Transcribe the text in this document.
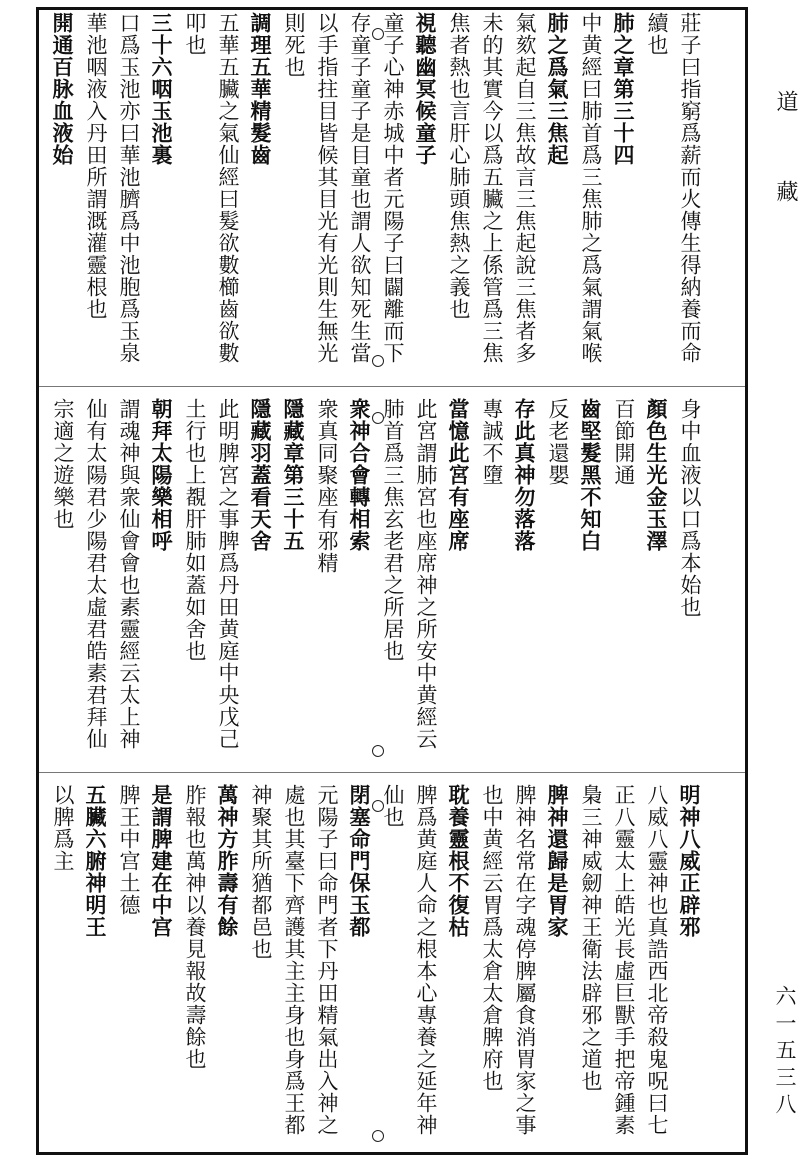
莊子曰指窮爲薪而火傳生得納養而命
續也
肺之章第三十四
中黄經曰肺首爲三焦肺之爲氣謂氣喉
肺之爲氣三焦起
氣欬起自三焦故言三焦起說三焦者多
未的其實今以爲五臟之上係管爲三焦
焦者熱也言肝心肺頭焦熱之義也
視聽幽冥候童子
童子心神赤城中者元陽子曰闢離而下
存童子童子是目童也謂人欲知死生當
以手指拄目皆候其目光有光則生無光
則死也
調理五華精髮齒
五華五臟之氣仙經曰髮欲數櫛齒欲數
叩也
三十六咽玉池裏
口爲玉池亦曰華池臍爲中池胞爲玉泉
華池咽液入丹田所謂溉灌靈根也
開通百脉血液始
身中血液以口爲本始也
顏色生光金玉澤
百節開通
齒堅髮黑不知白
反老還嬰
存此真神勿落落
專誠不墮
當憶此宮有座席
此宮謂肺宮也座席神之所安中黄經云
肺首爲三焦玄老君之所居也
衆神合會轉相索
衆真同聚座有邪精
隱藏章第三十五
隱藏羽蓋看天舍
此明脾宮之事脾爲丹田黄庭中央戊己
土行也上覩肝肺如蓋如舍也
朝拜太陽樂相呼
謂魂神與衆仙會會也素靈經云太上神
仙有太陽君少陽君太虛君皓素君拜仙
宗適之遊樂也
明神八威正辟邪
八威八靈神也真誥西北帝殺鬼呪曰七
正八靈太上皓光長虛巨獸手把帝鍾素
梟三神威劒神王衛法辟邪之道也
脾神還歸是胃家
脾神名常在字魂停脾屬食消胃家之事
也中黄經云胃爲太倉太倉脾府也
耽養靈根不復枯
脾爲黄庭人命之根本心專養之延年神
仙也
閉塞命門保玉都
元陽子曰命門者下丹田精氣出入神之
處也其臺下齊護其主主身也身爲王都
神聚其所猶都邑也
萬神方胙壽有餘
胙報也萬神以養見報故壽餘也
是謂脾建在中宫
脾王中宫土德
五臟六腑神明王
以脾爲主
道
藏
六一五三八
